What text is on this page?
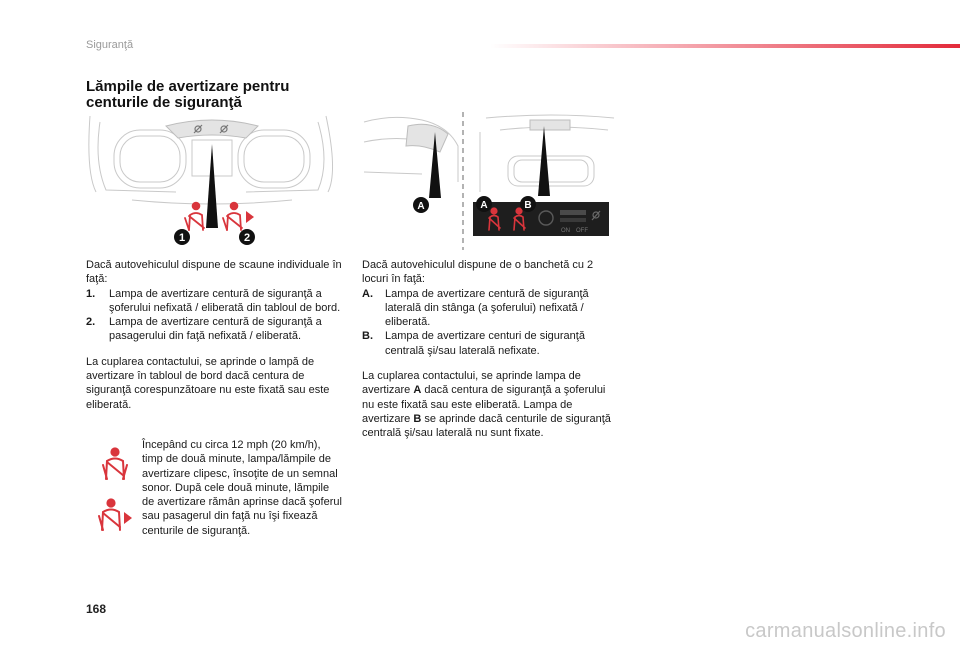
Siguranţă
Lămpile de avertizare pentru
centurile de siguranţă
1	2
ON OFF
A	A	B

Dacă autovehiculul dispune de scaune individuale în faţă:

1. Lampa de avertizare centură de siguranţă a şoferului nefixată / eliberată din tabloul de bord.
2. Lampa de avertizare centură de siguranţă a pasagerului din faţă nefixată / eliberată.

La cuplarea contactului, se aprinde o lampă de avertizare în tabloul de bord dacă centura de siguranţă corespunzătoare nu este fixată sau este eliberată.

Începând cu circa 12 mph (20 km/h), timp de două minute, lampa/lămpile de avertizare clipesc, însoţite de un semnal sonor. După cele două minute, lămpile de avertizare rămân aprinse dacă şoferul sau pasagerul din faţă nu îşi fixează centurile de siguranţă.

Dacă autovehiculul dispune de o banchetă cu 2 locuri în faţă:

A. Lampa de avertizare centură de siguranţă laterală din stânga (a şoferului) nefixată / eliberată.
B. Lampa de avertizare centuri de siguranţă centrală şi/sau laterală nefixate.

La cuplarea contactului, se aprinde lampa de avertizare A dacă centura de siguranţă a şoferului nu este fixată sau este eliberată. Lampa de avertizare B se aprinde dacă centurile de siguranţă centrală şi/sau laterală nu sunt fixate.

168
carmanualsonline.info
